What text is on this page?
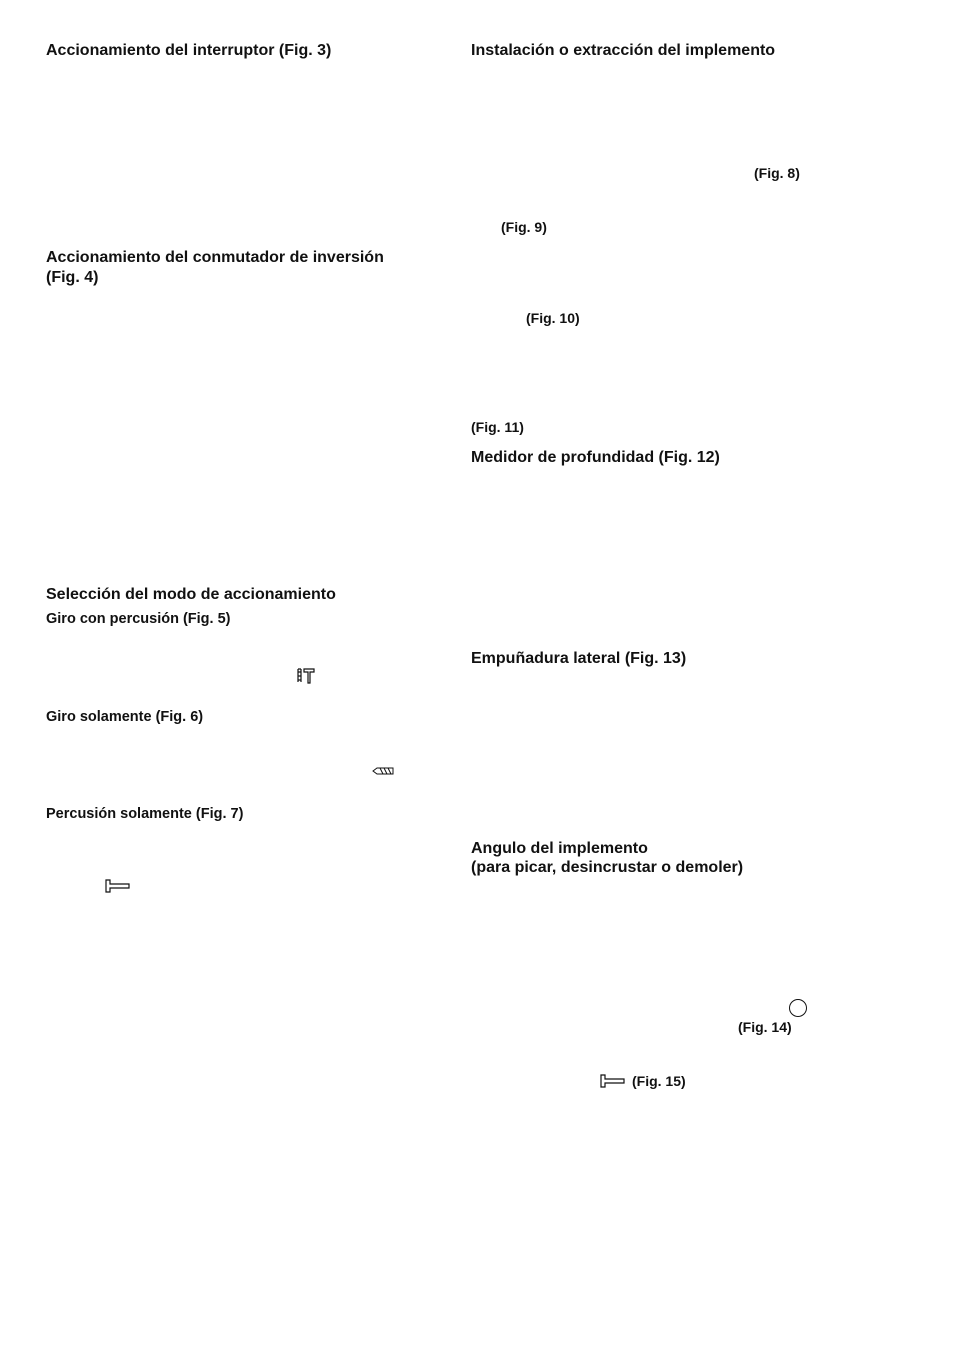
Accionamiento del interruptor (Fig. 3)
Accionamiento del conmutador de inversión
(Fig. 4)
Selección del modo de accionamiento
Giro con percusión (Fig. 5)
Giro solamente (Fig. 6)
Percusión solamente (Fig. 7)
Instalación o extracción del implemento
(Fig. 8)
(Fig. 9)
(Fig. 10)
(Fig. 11)
Medidor de profundidad (Fig. 12)
Empuñadura lateral (Fig. 13)
Angulo del implemento
(para picar, desincrustar o demoler)
(Fig. 14)
(Fig. 15)
